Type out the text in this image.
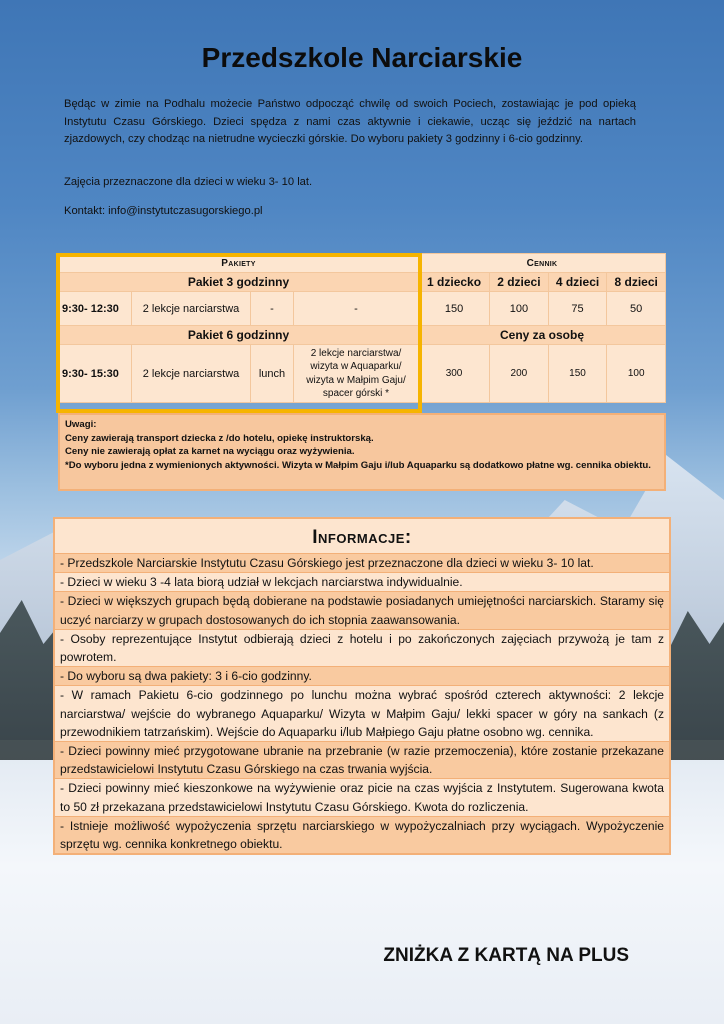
Przedszkole Narciarskie

Będąc w zimie na Podhalu możecie Państwo odpocząć chwilę od swoich Pociech, zostawiając je pod opieką Instytutu Czasu Górskiego. Dzieci spędza z nami czas aktywnie i ciekawie, ucząc się jeździć na nartach zjazdowych, czy chodząc na nietrudne wycieczki górskie. Do wyboru pakiety 3 godzinny i 6-cio godzinny.

Zajęcia przeznaczone dla dzieci w wieku 3- 10 lat.

Kontakt: info@instytutczasugorskiego.pl

Pakiety				Cennik			
Pakiet 3 godzinny				1 dziecko	2 dzieci	4 dzieci	8 dzieci
9:30- 12:30	2 lekcje narciarstwa	-	-	150	100	75	50
Pakiet 6 godzinny				Ceny za osobę			
9:30- 15:30	2 lekcje narciarstwa	lunch	2 lekcje narciarstwa/ wizyta w Aquaparku/ wizyta w Małpim Gaju/ spacer górski *	300	200	150	100
Uwagi:
Ceny zawierają transport dziecka z /do hotelu, opiekę instruktorską.
Ceny nie zawierają opłat za karnet na wyciągu oraz wyżywienia.
*Do wyboru jedna z wymienionych aktywności. Wizyta w Małpim Gaju i/lub Aquaparku są dodatkowo płatne wg. cennika obiektu.
Informacje:
- Przedszkole Narciarskie Instytutu Czasu Górskiego jest przeznaczone dla dzieci w wieku 3- 10 lat.
- Dzieci w wieku 3 -4 lata biorą udział w lekcjach narciarstwa indywidualnie.
- Dzieci w większych grupach będą dobierane na podstawie posiadanych umiejętności narciarskich. Staramy się uczyć narciarzy w grupach dostosowanych do ich stopnia zaawansowania.
- Osoby reprezentujące Instytut odbierają dzieci z hotelu i po zakończonych zajęciach przywożą je tam z powrotem.
- Do wyboru są dwa pakiety: 3 i 6-cio godzinny.
- W ramach Pakietu 6-cio godzinnego po lunchu można wybrać spośród czterech aktywności: 2 lekcje narciarstwa/ wejście do wybranego Aquaparku/ Wizyta w Małpim Gaju/ lekki spacer w góry na sankach (z przewodnikiem tatrzańskim). Wejście do Aquaparku i/lub Małpiego Gaju płatne osobno wg. cennika.
- Dzieci powinny mieć przygotowane ubranie na przebranie (w razie przemoczenia), które zostanie przekazane przedstawicielowi Instytutu Czasu Górskiego na czas trwania wyjścia.
- Dzieci powinny mieć kieszonkowe na wyżywienie oraz picie na czas wyjścia z Instytutem. Sugerowana kwota to 50 zł przekazana przedstawicielowi Instytutu Czasu Górskiego. Kwota do rozliczenia.
- Istnieje możliwość wypożyczenia sprzętu narciarskiego w wypożyczalniach przy wyciągach. Wypożyczenie sprzętu wg. cennika konkretnego obiektu.
ZNIŻKA Z KARTĄ NA PLUS
